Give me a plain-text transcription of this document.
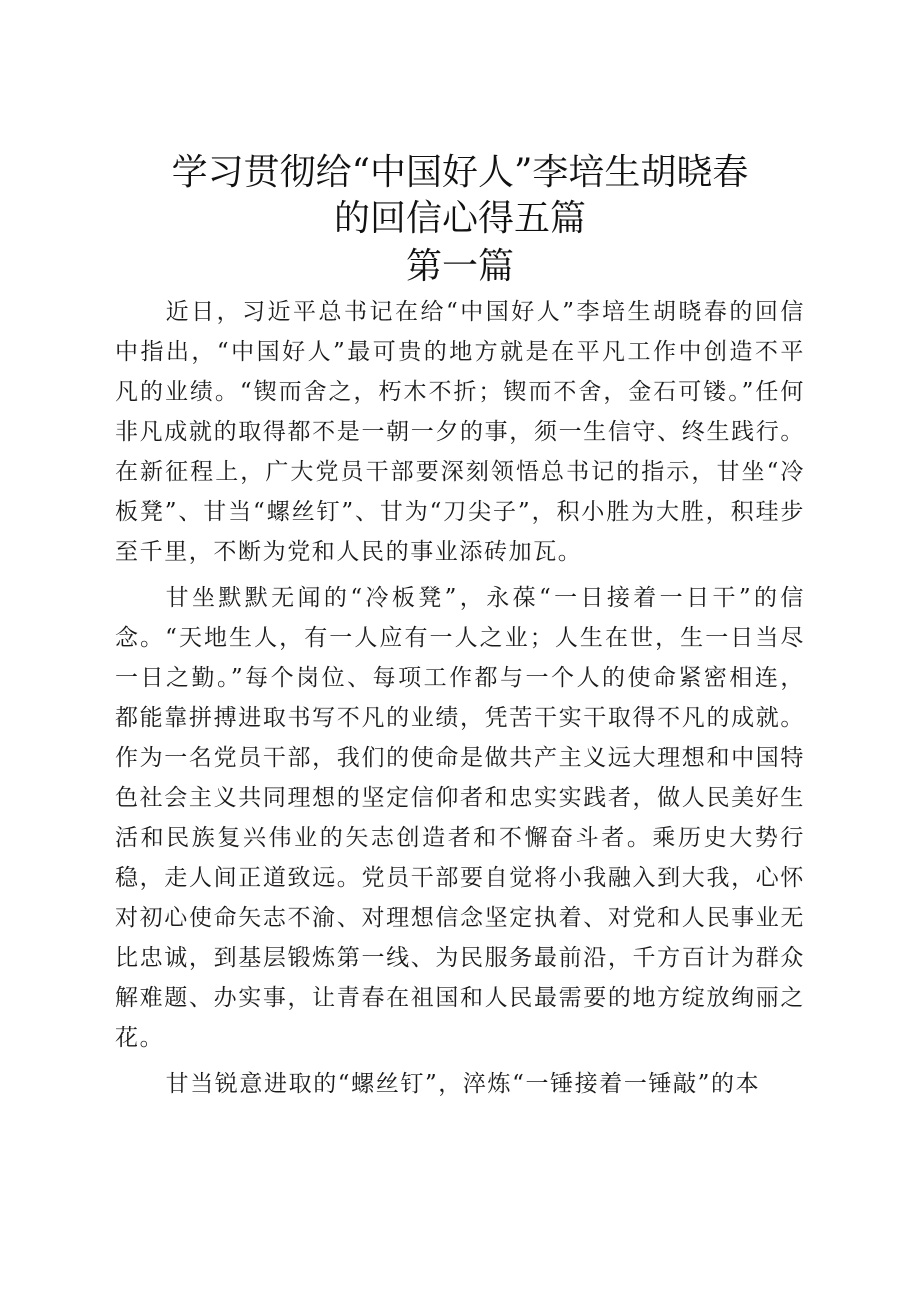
学习贯彻给“中国好人”李培生胡晓春
的回信心得五篇
第一篇

近日，习近平总书记在给“中国好人”李培生胡晓春的回信中指出，“中国好人”最可贵的地方就是在平凡工作中创造不平凡的业绩。“锲而舍之，朽木不折；锲而不舍，金石可镂。”任何非凡成就的取得都不是一朝一夕的事，须一生信守、终生践行。在新征程上，广大党员干部要深刻领悟总书记的指示，甘坐“冷板凳”、甘当“螺丝钉”、甘为“刀尖子”，积小胜为大胜，积珪步至千里，不断为党和人民的事业添砖加瓦。

甘坐默默无闻的“冷板凳”，永葆“一日接着一日干”的信念。“天地生人，有一人应有一人之业；人生在世，生一日当尽一日之勤。”每个岗位、每项工作都与一个人的使命紧密相连，都能靠拼搏进取书写不凡的业绩，凭苦干实干取得不凡的成就。作为一名党员干部，我们的使命是做共产主义远大理想和中国特色社会主义共同理想的坚定信仰者和忠实实践者，做人民美好生活和民族复兴伟业的矢志创造者和不懈奋斗者。乘历史大势行稳，走人间正道致远。党员干部要自觉将小我融入到大我，心怀对初心使命矢志不渝、对理想信念坚定执着、对党和人民事业无比忠诚，到基层锻炼第一线、为民服务最前沿，千方百计为群众解难题、办实事，让青春在祖国和人民最需要的地方绽放绚丽之花。

甘当锐意进取的“螺丝钉”，淬炼“一锤接着一锤敲”的本
